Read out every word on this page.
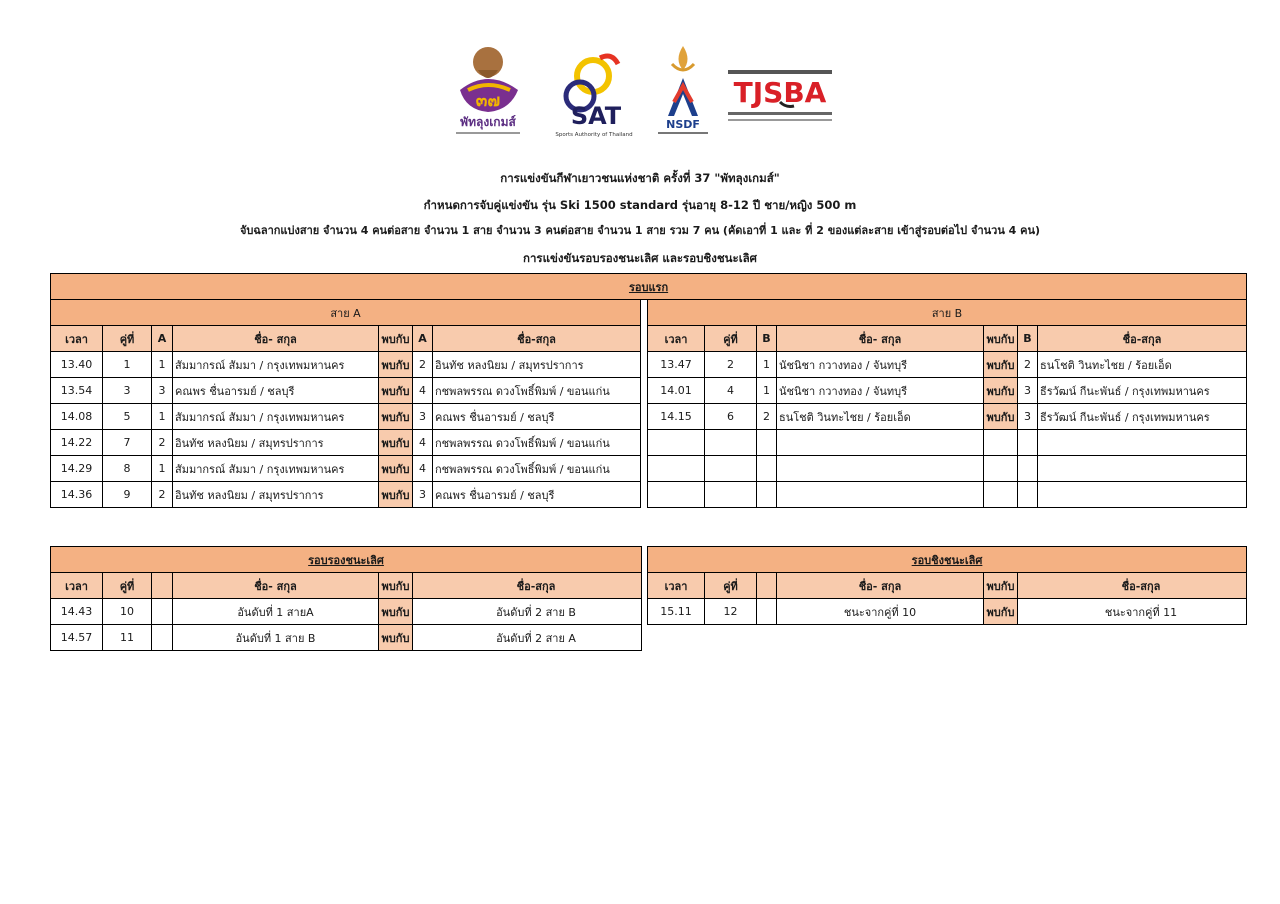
๓๗
พัทลุงเกมส์ SAT
Sports Authority of Thailand
NSDF
TJSBA
การแข่งขันกีฬาเยาวชนแห่งชาติ ครั้งที่ 37 "พัทลุงเกมส์"
กำหนดการจับคู่แข่งขัน รุ่น Ski 1500 standard รุ่นอายุ 8-12 ปี ชาย/หญิง 500 m
จับฉลากแบ่งสาย จำนวน 4 คนต่อสาย จำนวน 1 สาย จำนวน 3 คนต่อสาย จำนวน 1 สาย รวม 7 คน (คัดเอาที่ 1 และ ที่ 2 ของแต่ละสาย เข้าสู่รอบต่อไป จำนวน 4 คน)
การแข่งขันรอบรองชนะเลิศ และรอบชิงชนะเลิศ
รอบแรก														
สาย A								สาย B						
เวลา	คู่ที่	A	ชื่อ- สกุล	พบกับ	A	ชื่อ-สกุล		เวลา	คู่ที่	B	ชื่อ- สกุล	พบกับ	B	ชื่อ-สกุล
13.40	1	1	สัมมากรณ์ สัมมา / กรุงเทพมหานคร	พบกับ	2	อินทัช หลงนิยม / สมุทรปราการ		13.47	2	1	นัชนิชา กวางทอง / จันทบุรี	พบกับ	2	ธนโชติ วินทะไชย / ร้อยเอ็ด
13.54	3	3	คณพร ชื่นอารมย์ / ชลบุรี	พบกับ	4	กชพลพรรณ ดวงโพธิ์พิมพ์ / ขอนแก่น		14.01	4	1	นัชนิชา กวางทอง / จันทบุรี	พบกับ	3	ธีรวัฒน์ กีนะพันธ์ / กรุงเทพมหานคร
14.08	5	1	สัมมากรณ์ สัมมา / กรุงเทพมหานคร	พบกับ	3	คณพร ชื่นอารมย์ / ชลบุรี		14.15	6	2	ธนโชติ วินทะไชย / ร้อยเอ็ด	พบกับ	3	ธีรวัฒน์ กีนะพันธ์ / กรุงเทพมหานคร
14.22	7	2	อินทัช หลงนิยม / สมุทรปราการ	พบกับ	4	กชพลพรรณ ดวงโพธิ์พิมพ์ / ขอนแก่น								
14.29	8	1	สัมมากรณ์ สัมมา / กรุงเทพมหานคร	พบกับ	4	กชพลพรรณ ดวงโพธิ์พิมพ์ / ขอนแก่น								
14.36	9	2	อินทัช หลงนิยม / สมุทรปราการ	พบกับ	3	คณพร ชื่นอารมย์ / ชลบุรี								
รอบรองชนะเลิศ					
เวลา	คู่ที่		ชื่อ- สกุล	พบกับ	ชื่อ-สกุล
14.43	10		อันดับที่ 1 สายA	พบกับ	อันดับที่ 2 สาย B
14.57	11		อันดับที่ 1 สาย B	พบกับ	อันดับที่ 2 สาย A
รอบชิงชนะเลิศ					
เวลา	คู่ที่		ชื่อ- สกุล	พบกับ	ชื่อ-สกุล
15.11	12		ชนะจากคู่ที่ 10	พบกับ	ชนะจากคู่ที่ 11
